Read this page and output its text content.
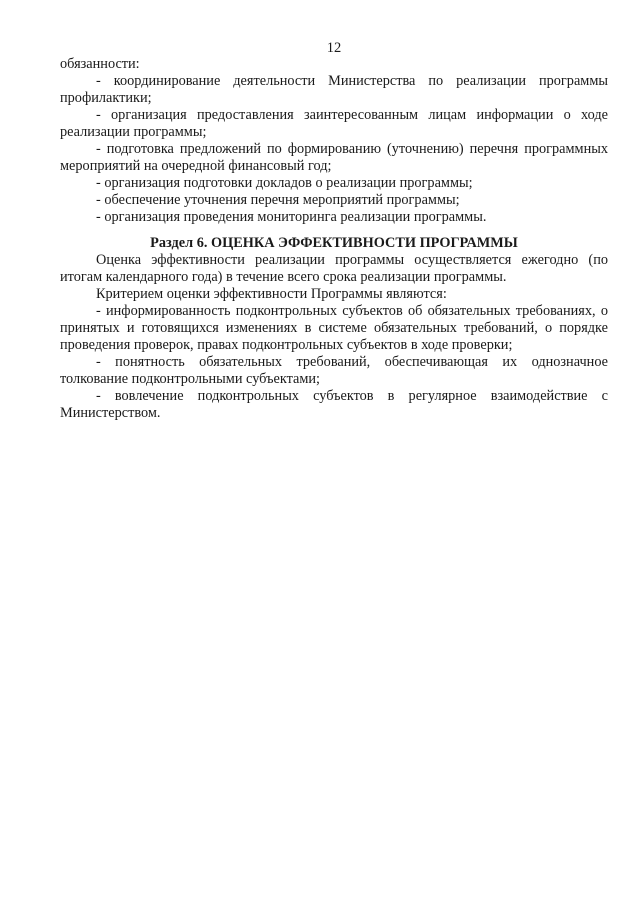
12

обязанности:

- координирование деятельности Министерства по реализации программы профилактики;

- организация предоставления заинтересованным лицам информации о ходе реализации программы;

- подготовка предложений по формированию (уточнению) перечня программных мероприятий на очередной финансовый год;

- организация подготовки докладов о реализации программы;

- обеспечение уточнения перечня мероприятий программы;

- организация проведения мониторинга реализации программы.

Раздел 6. ОЦЕНКА ЭФФЕКТИВНОСТИ ПРОГРАММЫ

Оценка эффективности реализации программы осуществляется ежегодно (по итогам календарного года) в течение всего срока реализации программы.

Критерием оценки эффективности Программы являются:

- информированность подконтрольных субъектов об обязательных требованиях, о принятых и готовящихся изменениях в системе обязательных требований, о порядке проведения проверок, правах подконтрольных субъектов в ходе проверки;

- понятность обязательных требований, обеспечивающая их однозначное толкование подконтрольными субъектами;

- вовлечение подконтрольных субъектов в регулярное взаимодействие с Министерством.
